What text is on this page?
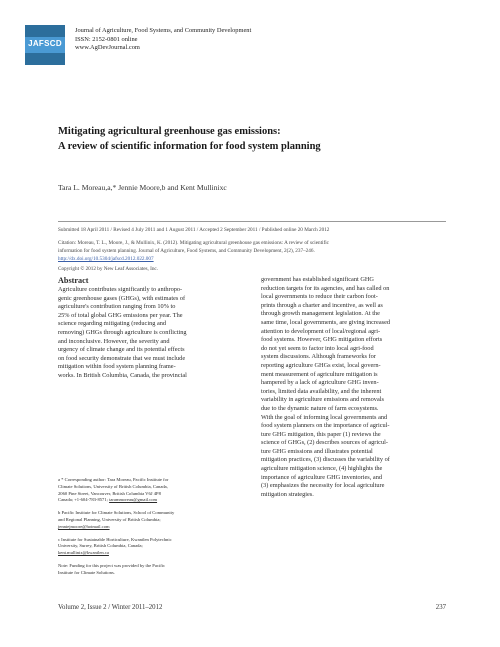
JAFSCD
Journal of Agriculture, Food Systems, and Community Development
ISSN: 2152-0801 online
www.AgDevJournal.com
Mitigating agricultural greenhouse gas emissions:
A review of scientific information for food system planning
Tara L. Moreau,a,* Jennie Moore,b and Kent Mullinixc
Submitted 18 April 2011 / Revised 4 July 2011 and 1 August 2011 / Accepted 2 September 2011 / Published online 20 March 2012
Citation: Moreau, T. L., Moore, J., & Mullinix, K. (2012). Mitigating agricultural greenhouse gas emissions: A review of scientific
information for food system planning. Journal of Agriculture, Food Systems, and Community Development, 2(2), 237–246.
http://dx.doi.org/10.5304/jafscd.2012.022.007
Copyright © 2012 by New Leaf Associates, Inc.
Abstract
Agriculture contributes significantly to anthropo-
genic greenhouse gases (GHGs), with estimates of
agriculture's contribution ranging from 10% to
25% of total global GHG emissions per year. The
science regarding mitigating (reducing and
removing) GHGs through agriculture is conflicting
and inconclusive. However, the severity and
urgency of climate change and its potential effects
on food security demonstrate that we must include
mitigation within food system planning frame-
works. In British Columbia, Canada, the provincial
government has established significant GHG
reduction targets for its agencies, and has called on
local governments to reduce their carbon foot-
prints through a charter and incentive, as well as
through growth management legislation. At the
same time, local governments, are giving increased
attention to development of local/regional agri-
food systems. However, GHG mitigation efforts
do not yet seem to factor into local agri-food
system discussions. Although frameworks for
reporting agriculture GHGs exist, local govern-
ment measurement of agriculture mitigation is
hampered by a lack of agriculture GHG inven-
tories, limited data availability, and the inherent
variability in agriculture emissions and removals
due to the dynamic nature of farm ecosystems.
With the goal of informing local governments and
food system planners on the importance of agricul-
ture GHG mitigation, this paper (1) reviews the
science of GHGs, (2) describes sources of agricul-
ture GHG emissions and illustrates potential
mitigation practices, (3) discusses the variability of
agriculture mitigation science, (4) highlights the
importance of agriculture GHG inventories, and
(3) emphasizes the necessity for local agriculture
mitigation strategies.
a * Corresponding author: Tara Moreau, Pacific Institute for
Climate Solutions, University of British Columbia, Canada,
2060 Pine Street, Vancouver, British Columbia V6J 4P8
Canada; +1-604-783-8571; tarammoreau@gmail.com
b Pacific Institute for Climate Solutions, School of Community
and Regional Planning, University of British Columbia;
jenniejmoore@hotmail.com
c Institute for Sustainable Horticulture, Kwantlen Polytechnic
University, Surrey, British Columbia, Canada;
kent.mullinix@kwantlen.ca
Note: Funding for this project was provided by the Pacific
Institute for Climate Solutions.
Volume 2, Issue 2 / Winter 2011–2012	237
